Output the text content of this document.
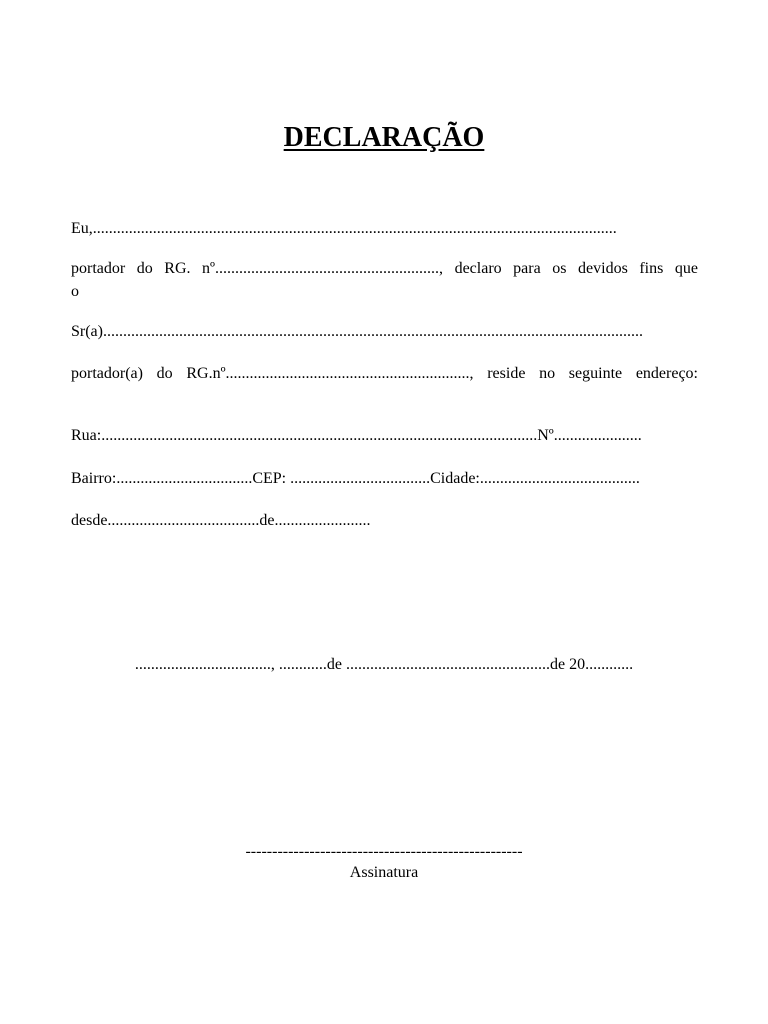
DECLARAÇÃO

Eu,...................................................................................................................................

portador do RG. nº........................................................, declaro para os devidos fins que

o

Sr(a).......................................................................................................................................

portador(a) do RG.nº............................................................., reside no seguinte endereço:

Rua:.............................................................................................................Nº......................

Bairro:..................................CEP: ...................................Cidade:........................................

desde......................................de........................

.................................., ............de ...................................................de 20............

----------------------------------------------------

Assinatura
